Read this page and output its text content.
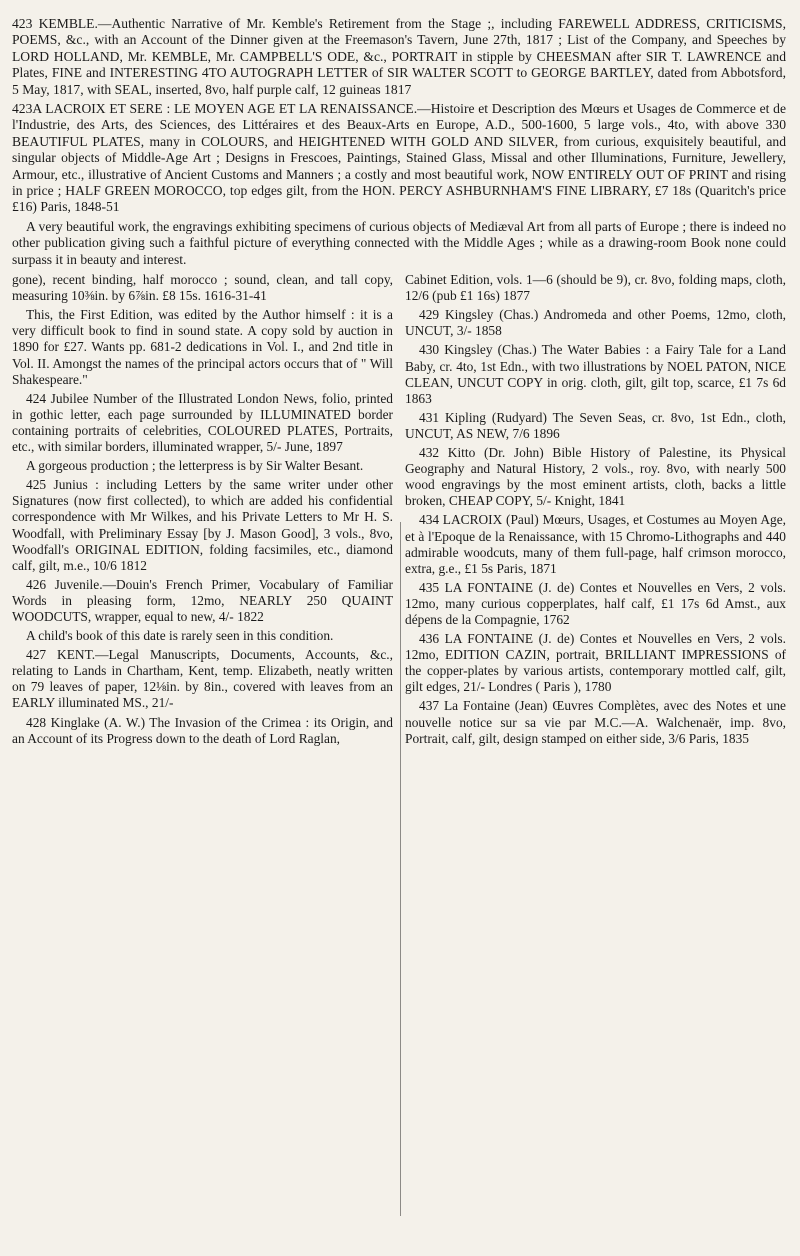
423 KEMBLE.—Authentic Narrative of Mr. Kemble's Retirement from the Stage ;, including FAREWELL ADDRESS, CRITICISMS, POEMS, &c., with an Account of the Dinner given at the Freemason's Tavern, June 27th, 1817 ; List of the Company, and Speeches by LORD HOLLAND, Mr. KEMBLE, Mr. CAMPBELL'S ODE, &c., PORTRAIT in stipple by CHEESMAN after SIR T. LAWRENCE and Plates, FINE and INTERESTING 4TO AUTOGRAPH LETTER of SIR WALTER SCOTT to GEORGE BARTLEY, dated from Abbotsford, 5 May, 1817, with SEAL, inserted, 8vo, half purple calf, 12 guineas 1817

423A LACROIX ET SERE : LE MOYEN AGE ET LA RENAISSANCE.—Histoire et Description des Mœurs et Usages de Commerce et de l'Industrie, des Arts, des Sciences, des Littéraires et des Beaux-Arts en Europe, A.D., 500-1600, 5 large vols., 4to, with above 330 BEAUTIFUL PLATES, many in COLOURS, and HEIGHTENED WITH GOLD AND SILVER, from curious, exquisitely beautiful, and singular objects of Middle-Age Art ; Designs in Frescoes, Paintings, Stained Glass, Missal and other Illuminations, Furniture, Jewellery, Armour, etc., illustrative of Ancient Customs and Manners ; a costly and most beautiful work, NOW ENTIRELY OUT OF PRINT and rising in price ; HALF GREEN MOROCCO, top edges gilt, from the HON. PERCY ASHBURNHAM'S FINE LIBRARY, £7 18s (Quaritch's price £16) Paris, 1848-51

A very beautiful work, the engravings exhibiting specimens of curious objects of Mediæval Art from all parts of Europe ; there is indeed no other publication giving such a faithful picture of everything connected with the Middle Ages ; while as a drawing-room Book none could surpass it in beauty and interest.

gone), recent binding, half morocco ; sound, clean, and tall copy, measuring 10⅜in. by 6⅞in. £8 15s. 1616-31-41

This, the First Edition, was edited by the Author himself : it is a very difficult book to find in sound state. A copy sold by auction in 1890 for £27. Wants pp. 681-2 dedications in Vol. I., and 2nd title in Vol. II. Amongst the names of the principal actors occurs that of " Will Shakespeare."

424 Jubilee Number of the Illustrated London News, folio, printed in gothic letter, each page surrounded by ILLUMINATED border containing portraits of celebrities, COLOURED PLATES, Portraits, etc., with similar borders, illuminated wrapper, 5/- June, 1897

A gorgeous production ; the letterpress is by Sir Walter Besant.

425 Junius : including Letters by the same writer under other Signatures (now first collected), to which are added his confidential correspondence with Mr Wilkes, and his Private Letters to Mr H. S. Woodfall, with Preliminary Essay [by J. Mason Good], 3 vols., 8vo, Woodfall's ORIGINAL EDITION, folding facsimiles, etc., diamond calf, gilt, m.e., 10/6 1812

426 Juvenile.—Douin's French Primer, Vocabulary of Familiar Words in pleasing form, 12mo, NEARLY 250 QUAINT WOODCUTS, wrapper, equal to new, 4/- 1822

A child's book of this date is rarely seen in this condition.

427 KENT.—Legal Manuscripts, Documents, Accounts, &c., relating to Lands in Chartham, Kent, temp. Elizabeth, neatly written on 79 leaves of paper, 12⅛in. by 8in., covered with leaves from an EARLY illuminated MS., 21/-

428 Kinglake (A. W.) The Invasion of the Crimea : its Origin, and an Account of its Progress down to the death of Lord Raglan,

Cabinet Edition, vols. 1—6 (should be 9), cr. 8vo, folding maps, cloth, 12/6 (pub £1 16s) 1877

429 Kingsley (Chas.) Andromeda and other Poems, 12mo, cloth, UNCUT, 3/- 1858

430 Kingsley (Chas.) The Water Babies : a Fairy Tale for a Land Baby, cr. 4to, 1st Edn., with two illustrations by NOEL PATON, NICE CLEAN, UNCUT COPY in orig. cloth, gilt, gilt top, scarce, £1 7s 6d 1863

431 Kipling (Rudyard) The Seven Seas, cr. 8vo, 1st Edn., cloth, UNCUT, AS NEW, 7/6 1896

432 Kitto (Dr. John) Bible History of Palestine, its Physical Geography and Natural History, 2 vols., roy. 8vo, with nearly 500 wood engravings by the most eminent artists, cloth, backs a little broken, CHEAP COPY, 5/- Knight, 1841

434 LACROIX (Paul) Mœurs, Usages, et Costumes au Moyen Age, et à l'Epoque de la Renaissance, with 15 Chromo-Lithographs and 440 admirable woodcuts, many of them full-page, half crimson morocco, extra, g.e., £1 5s Paris, 1871

435 LA FONTAINE (J. de) Contes et Nouvelles en Vers, 2 vols. 12mo, many curious copperplates, half calf, £1 17s 6d Amst., aux dépens de la Compagnie, 1762

436 LA FONTAINE (J. de) Contes et Nouvelles en Vers, 2 vols. 12mo, EDITION CAZIN, portrait, BRILLIANT IMPRESSIONS of the copper-plates by various artists, contemporary mottled calf, gilt, gilt edges, 21/- Londres ( Paris ), 1780

437 La Fontaine (Jean) Œuvres Complètes, avec des Notes et une nouvelle notice sur sa vie par M.C.—A. Walchenaër, imp. 8vo, Portrait, calf, gilt, design stamped on either side, 3/6 Paris, 1835
